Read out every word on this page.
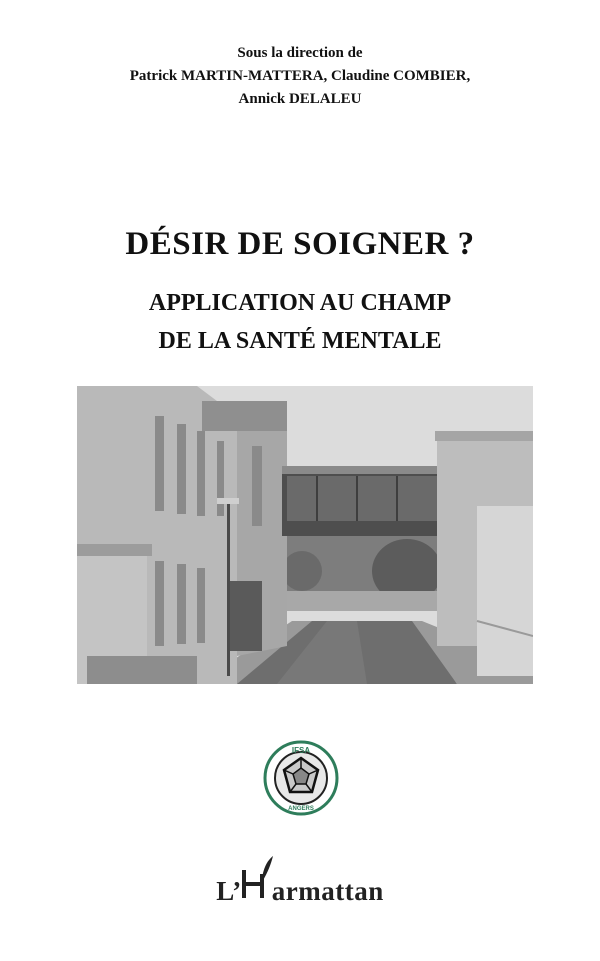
Sous la direction de
Patrick MARTIN-MATTERA, Claudine COMBIER,
Annick DELALEU
DÉSIR DE SOIGNER ?
APPLICATION AU CHAMP
DE LA SANTÉ MENTALE
IFSA
ANGERS
L’ armattan
